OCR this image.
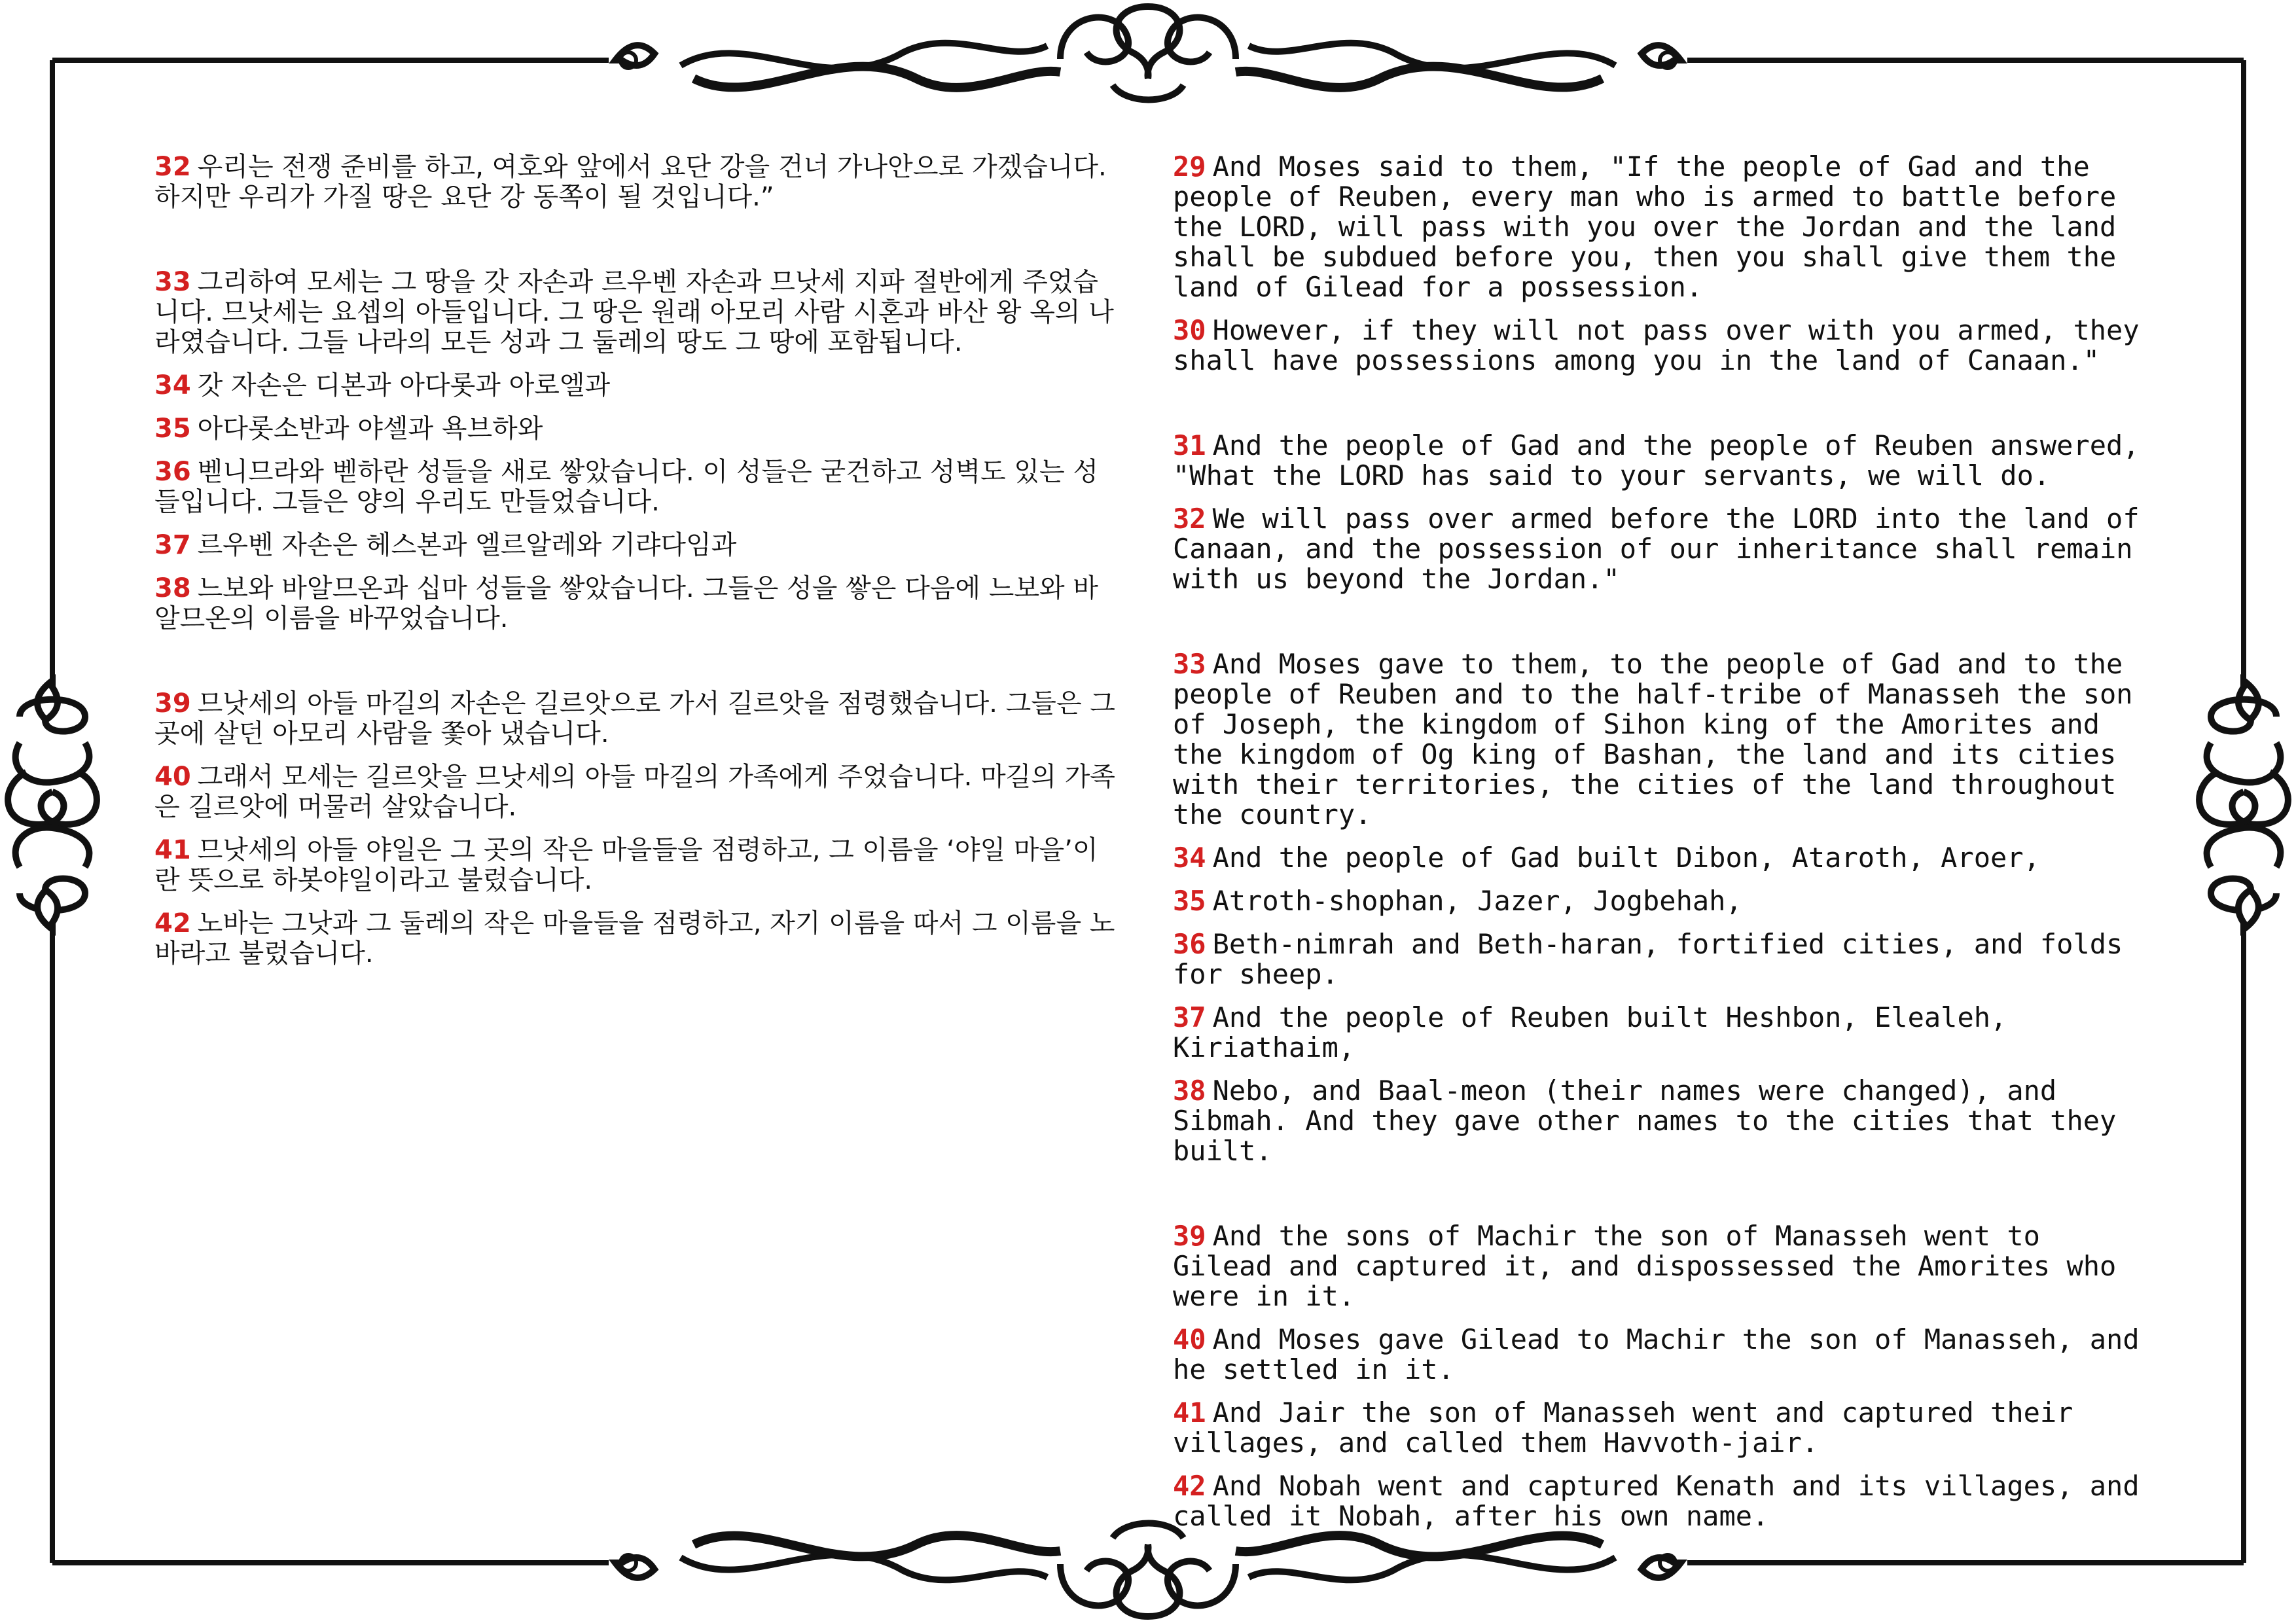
32 우리는 전쟁 준비를 하고, 여호와 앞에서 요단 강을 건너 가나안으로 가겠습니다. 하지만 우리가 가질 땅은 요단 강 동쪽이 될 것입니다.”

33 그리하여 모세는 그 땅을 갓 자손과 르우벤 자손과 므낫세 지파 절반에게 주었습니다. 므낫세는 요셉의 아들입니다. 그 땅은 원래 아모리 사람 시혼과 바산 왕 옥의 나라였습니다. 그들 나라의 모든 성과 그 둘레의 땅도 그 땅에 포함됩니다.

34 갓 자손은 디본과 아다롯과 아로엘과

35 아다롯소반과 야셀과 욕브하와

36 벧니므라와 벧하란 성들을 새로 쌓았습니다. 이 성들은 굳건하고 성벽도 있는 성들입니다. 그들은 양의 우리도 만들었습니다.

37 르우벤 자손은 헤스본과 엘르알레와 기랴다임과

38 느보와 바알므온과 십마 성들을 쌓았습니다. 그들은 성을 쌓은 다음에 느보와 바알므온의 이름을 바꾸었습니다.

39 므낫세의 아들 마길의 자손은 길르앗으로 가서 길르앗을 점령했습니다. 그들은 그 곳에 살던 아모리 사람을 쫓아 냈습니다.

40 그래서 모세는 길르앗을 므낫세의 아들 마길의 가족에게 주었습니다. 마길의 가족은 길르앗에 머물러 살았습니다.

41 므낫세의 아들 야일은 그 곳의 작은 마을들을 점령하고, 그 이름을 ‘야일 마을’이란 뜻으로 하봇야일이라고 불렀습니다.

42 노바는 그낫과 그 둘레의 작은 마을들을 점령하고, 자기 이름을 따서 그 이름을 노바라고 불렀습니다.

29 And Moses said to them, "If the people of Gad and the people of Reuben, every man who is armed to battle before the LORD, will pass with you over the Jordan and the land shall be subdued before you, then you shall give them the land of Gilead for a possession.

30 However, if they will not pass over with you armed, they shall have possessions among you in the land of Canaan."

31 And the people of Gad and the people of Reuben answered, "What the LORD has said to your servants, we will do.

32 We will pass over armed before the LORD into the land of Canaan, and the possession of our inheritance shall remain with us beyond the Jordan."

33 And Moses gave to them, to the people of Gad and to the people of Reuben and to the half-tribe of Manasseh the son of Joseph, the kingdom of Sihon king of the Amorites and the kingdom of Og king of Bashan, the land and its cities with their territories, the cities of the land throughout the country.

34 And the people of Gad built Dibon, Ataroth, Aroer,

35 Atroth-shophan, Jazer, Jogbehah,

36 Beth-nimrah and Beth-haran, fortified cities, and folds for sheep.

37 And the people of Reuben built Heshbon, Elealeh, Kiriathaim,

38 Nebo, and Baal-meon (their names were changed), and Sibmah. And they gave other names to the cities that they built.

39 And the sons of Machir the son of Manasseh went to Gilead and captured it, and dispossessed the Amorites who were in it.

40 And Moses gave Gilead to Machir the son of Manasseh, and he settled in it.

41 And Jair the son of Manasseh went and captured their villages, and called them Havvoth-jair.

42 And Nobah went and captured Kenath and its villages, and called it Nobah, after his own name.
